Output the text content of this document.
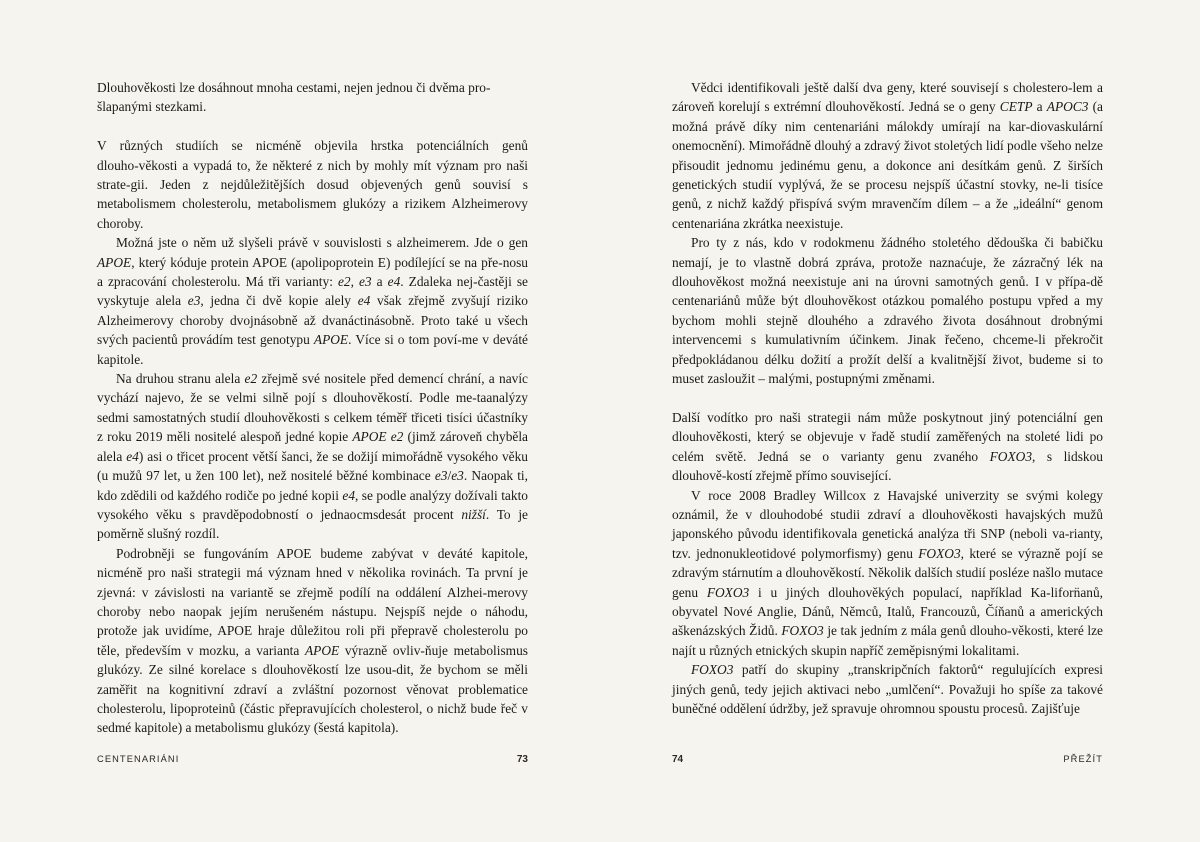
Dlouhověkosti lze dosáhnout mnoha cestami, nejen jednou či dvěma pro‑
šlapanými stezkami.

V různých studiích se nicméně objevila hrstka potenciálních genů dlouho‑věkosti a vypadá to, že některé z nich by mohly mít význam pro naši strate‑gii. Jeden z nejdůležitějších dosud objevených genů souvisí s metabolismem cholesterolu, metabolismem glukózy a rizikem Alzheimerovy choroby.

Možná jste o něm už slyšeli právě v souvislosti s alzheimerem. Jde o gen APOE, který kóduje protein APOE (apolipoprotein E) podílející se na pře‑nosu a zpracování cholesterolu. Má tři varianty: e2, e3 a e4. Zdaleka nej‑častěji se vyskytuje alela e3, jedna či dvě kopie alely e4 však zřejmě zvyšují riziko Alzheimerovy choroby dvojnásobně až dvanáctinásobně. Proto také u všech svých pacientů provádím test genotypu APOE. Více si o tom poví‑me v deváté kapitole.

Na druhou stranu alela e2 zřejmě své nositele před demencí chrání, a navíc vychází najevo, že se velmi silně pojí s dlouhověkostí. Podle me‑taanalýzy sedmi samostatných studií dlouhověkosti s celkem téměř třiceti tisíci účastníky z roku 2019 měli nositelé alespoň jedné kopie APOE e2 (jimž zároveň chyběla alela e4) asi o třicet procent větší šanci, že se dožijí mimořádně vysokého věku (u mužů 97 let, u žen 100 let), než nositelé běžné kombinace e3/e3. Naopak ti, kdo zdědili od každého rodiče po jedné kopii e4, se podle analýzy dožívali takto vysokého věku s pravděpodobností o jednaосmsdesát procent nižší. To je poměrně slušný rozdíl.

Podrobněji se fungováním APOE budeme zabývat v deváté kapitole, nicméně pro naši strategii má význam hned v několika rovinách. Ta první je zjevná: v závislosti na variantě se zřejmě podílí na oddálení Alzhei‑merovy choroby nebo naopak jejím nerušeném nástupu. Nejspíš nejde o náhodu, protože jak uvidíme, APOE hraje důležitou roli při přepravě cholesterolu po těle, především v mozku, a varianta APOE výrazně ovliv‑ňuje metabolismus glukózy. Ze silné korelace s dlouhověkostí lze usou‑dit, že bychom se měli zaměřit na kognitivní zdraví a zvláštní pozornost věnovat problematice cholesterolu, lipoproteinů (částic přepravujících cholesterol, o nichž bude řeč v sedmé kapitole) a metabolismu glukózy (šestá kapitola).

CENTENARIÁNI	73

Vědci identifikovali ještě další dva geny, které souvisejí s cholestero‑lem a zároveň korelují s extrémní dlouhověkostí. Jedná se o geny CETP a APOC3 (a možná právě díky nim centenariáni málokdy umírají na kar‑diovaskulární onemocnění). Mimořádně dlouhý a zdravý život stoletých lidí podle všeho nelze přisoudit jednomu jedinému genu, a dokonce ani desítkám genů. Z širších genetických studií vyplývá, že se procesu nejspíš účastní stovky, ne‑li tisíce genů, z nichž každý přispívá svým mravenčím dílem – a že „ideální“ genom centenariána zkrátka neexistuje.

Pro ty z nás, kdo v rodokmenu žádného stoletého dědouška či babičku nemají, je to vlastně dobrá zpráva, protože naznaćuje, že zázračný lék na dlouhověkost možná neexistuje ani na úrovni samotných genů. I v přípa‑dě centenariánů může být dlouhověkost otázkou pomalého postupu vpřed a my bychom mohli stejně dlouhého a zdravého života dosáhnout drobnými intervencemi s kumulativním účinkem. Jinak řečeno, chceme‑li překročit předpokládanou délku dožití a prožít delší a kvalitnější život, budeme si to muset zasloužit – malými, postupnými změnami.

Další vodítko pro naši strategii nám může poskytnout jiný potenciální gen dlouhověkosti, který se objevuje v řadě studií zaměřených na stoleté lidi po celém světě. Jedná se o varianty genu zvaného FOXO3, s lidskou dlouhově‑kostí zřejmě přímo související.

V roce 2008 Bradley Willcox z Havajské univerzity se svými kolegy oznámil, že v dlouhodobé studii zdraví a dlouhověkosti havajských mužů japonského původu identifikovala genetická analýza tři SNP (neboli va‑rianty, tzv. jednonukleotidové polymorfismy) genu FOXO3, které se výrazně pojí se zdravým stárnutím a dlouhověkostí. Několik dalších studií posléze našlo mutace genu FOXO3 i u jiných dlouhověkých populací, například Ka‑liforn̈anů, obyvatel Nové Anglie, Dánů, Němců, Italů, Francouzů, Číňanů a amerických aškenázských Židů. FOXO3 je tak jedním z mála genů dlouho‑věkosti, které lze najít u různých etnických skupin napříč zeměpisnými lokalitami.

FOXO3 patří do skupiny „transkripčních faktorů“ regulujících expresi jiných genů, tedy jejich aktivaci nebo „umlčení“. Považuji ho spíše za takové buněčné oddělení údržby, jež spravuje ohromnou spoustu procesů. Zajišťuje

74	PŘEŽÍT
